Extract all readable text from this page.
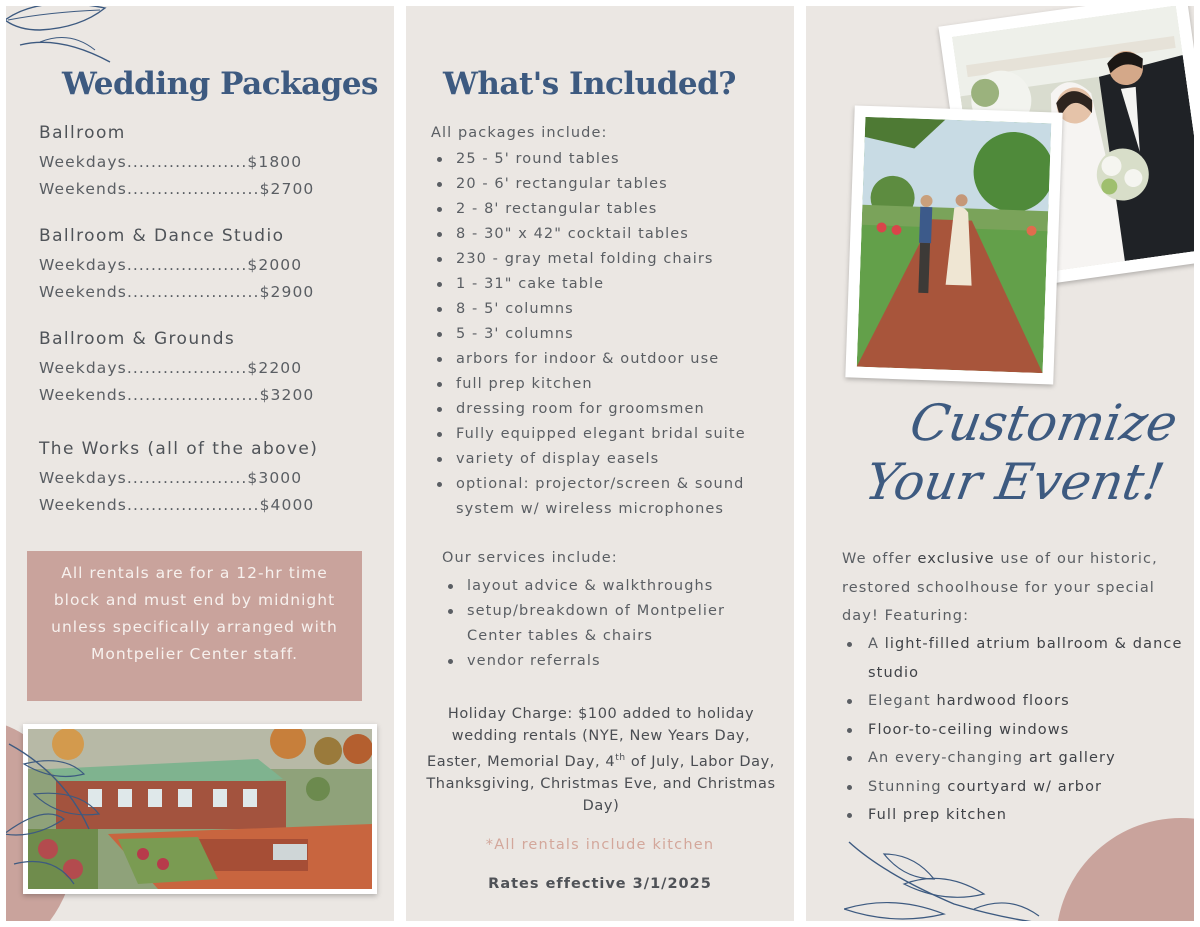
Wedding Packages
Ballroom
Weekdays....................$1800
Weekends......................$2700
Ballroom & Dance Studio
Weekdays....................$2000
Weekends......................$2900
Ballroom & Grounds
Weekdays....................$2200
Weekends......................$3200
The Works (all of the above)
Weekdays....................$3000
Weekends......................$4000
All rentals are for a 12-hr time block and must end by midnight unless specifically arranged with Montpelier Center staff.
What's Included?
All packages include:
25 - 5' round tables
20 - 6' rectangular tables
2 - 8' rectangular tables
8 - 30" x 42" cocktail tables
230 - gray metal folding chairs
1 - 31" cake table
8 - 5' columns
5 - 3' columns
arbors for indoor & outdoor use
full prep kitchen
dressing room for groomsmen
Fully equipped elegant bridal suite
variety of display easels
optional: projector/screen & sound
system w/ wireless microphones
Our services include:
layout advice & walkthroughs
setup/breakdown of Montpelier
Center tables & chairs
vendor referrals
Holiday Charge: $100 added to holiday wedding rentals (NYE, New Years Day, Easter, Memorial Day, 4th of July, Labor Day, Thanksgiving, Christmas Eve, and Christmas Day)
*All rentals include kitchen
Rates effective 3/1/2025
Customize
Your Event!
We offer exclusive use of our historic, restored schoolhouse for your special day! Featuring:
A light-filled atrium ballroom & dance studio
Elegant hardwood floors
Floor-to-ceiling windows
An every-changing art gallery
Stunning courtyard w/ arbor
Full prep kitchen
